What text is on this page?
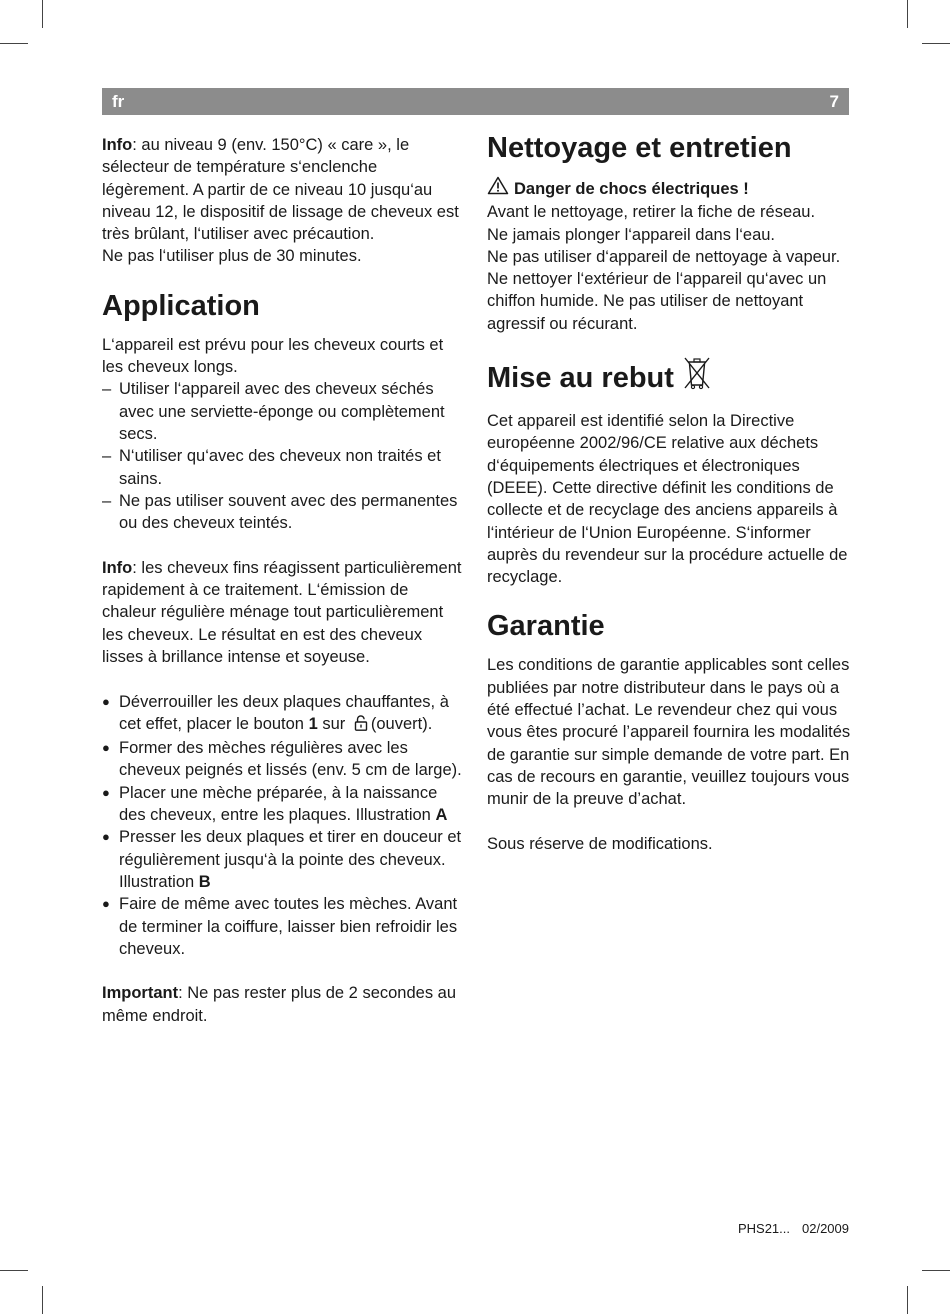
fr	7

Info: au niveau 9 (env. 150°C) « care », le sélecteur de température s‘enclenche légèrement. A partir de ce niveau 10 jusqu‘au niveau 12, le dispositif de lissage de cheveux est très brûlant, l‘utiliser avec précaution.

Ne pas l‘utiliser plus de 30 minutes.

Application

L‘appareil est prévu pour les cheveux courts et les cheveux longs.

– Utiliser l‘appareil avec des cheveux séchés avec une serviette-éponge ou complètement secs.
– N‘utiliser qu‘avec des cheveux non traités et sains.
– Ne pas utiliser souvent avec des permanentes ou des cheveux teintés.

Info: les cheveux fins réagissent particulièrement rapidement à ce traitement. L‘émission de chaleur régulière ménage tout particulièrement les cheveux. Le résultat en est des cheveux lisses à brillance intense et soyeuse.

● Déverrouiller les deux plaques chauffantes, à cet effet, placer le bouton 1 sur (ouvert).
● Former des mèches régulières avec les cheveux peignés et lissés (env. 5 cm de large).
● Placer une mèche préparée, à la naissance des cheveux, entre les plaques. Illustration A
● Presser les deux plaques et tirer en douceur et régulièrement jusqu‘à la pointe des cheveux. Illustration B
● Faire de même avec toutes les mèches. Avant de terminer la coiffure, laisser bien refroidir les cheveux.

Important: Ne pas rester plus de 2 secondes au même endroit.

Nettoyage et entretien

Danger de chocs électriques !

Avant le nettoyage, retirer la fiche de réseau.

Ne jamais plonger l‘appareil dans l‘eau.

Ne pas utiliser d‘appareil de nettoyage à vapeur.

Ne nettoyer l‘extérieur de l‘appareil qu‘avec un chiffon humide. Ne pas utiliser de nettoyant agressif ou récurant.

Mise au rebut

Cet appareil est identifié selon la Directive européenne 2002/96/CE relative aux déchets d‘équipements électriques et électroniques (DEEE). Cette directive définit les conditions de collecte et de recyclage des anciens appareils à l‘intérieur de l‘Union Européenne. S‘informer auprès du revendeur sur la procédure actuelle de recyclage.

Garantie

Les conditions de garantie applicables sont celles publiées par notre distributeur dans le pays où a été effectué l’achat. Le revendeur chez qui vous vous êtes procuré l’appareil fournira les modalités de garantie sur simple demande de votre part. En cas de recours en garantie, veuillez toujours vous munir de la preuve d’achat.

Sous réserve de modifications.

PHS21... 02/2009
